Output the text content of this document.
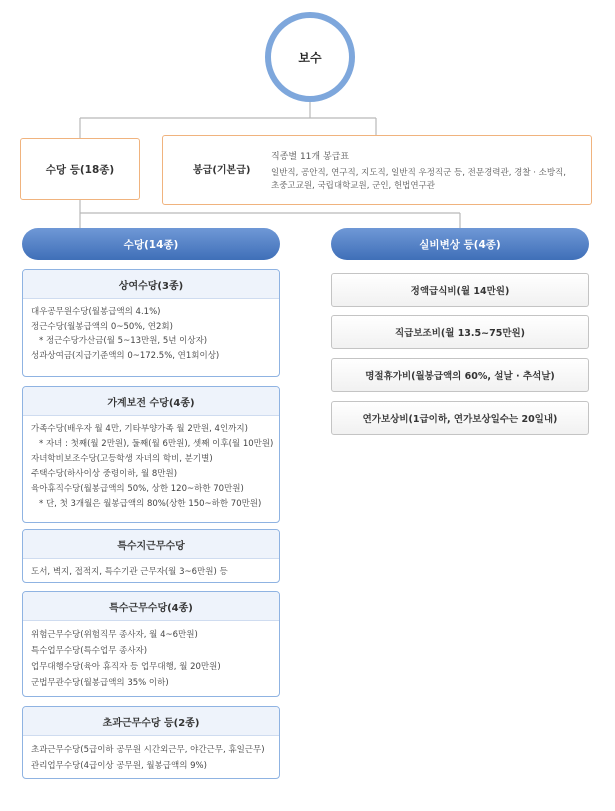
보수
수당 등(18종)	봉급(기본급)
직종별 11개 봉급표
일반직, 공안직, 연구직, 지도직, 일반직 우정직군 등, 전문경력관, 경찰 · 소방직, 초중고교원, 국립대학교원, 군인, 헌법연구관
수당(14종)	실비변상 등(4종)
상여수당(3종)
대우공무원수당(월봉급액의 4.1%)
정근수당(월봉급액의 0~50%, 연2회)
* 정근수당가산금(월 5~13만원, 5년 이상자)
성과상여금(지급기준액의 0~172.5%, 연1회이상)
가계보전 수당(4종)
가족수당(배우자 월 4만, 기타부양가족 월 2만원, 4인까지)
* 자녀 : 첫째(월 2만원), 둘째(월 6만원), 셋째 이후(월 10만원)
자녀학비보조수당(고등학생 자녀의 학비, 분기별)
주택수당(하사이상 중령이하, 월 8만원)
육아휴직수당(월봉급액의 50%, 상한 120~하한 70만원)
* 단, 첫 3개월은 월봉급액의 80%(상한 150~하한 70만원)
특수지근무수당
도서, 벽지, 접적지, 특수기관 근무자(월 3~6만원) 등
특수근무수당(4종)
위험근무수당(위험직무 종사자, 월 4~6만원)
특수업무수당(특수업무 종사자)
업무대행수당(육아 휴직자 등 업무대행, 월 20만원)
군법무관수당(월봉급액의 35% 이하)
초과근무수당 등(2종)
초과근무수당(5급이하 공무원 시간외근무, 야간근무, 휴일근무)
관리업무수당(4급이상 공무원, 월봉급액의 9%)
정액급식비(월 14만원)
직급보조비(월 13.5~75만원)
명절휴가비(월봉급액의 60%, 설날 · 추석날)
연가보상비(1급이하, 연가보상일수는 20일내)
